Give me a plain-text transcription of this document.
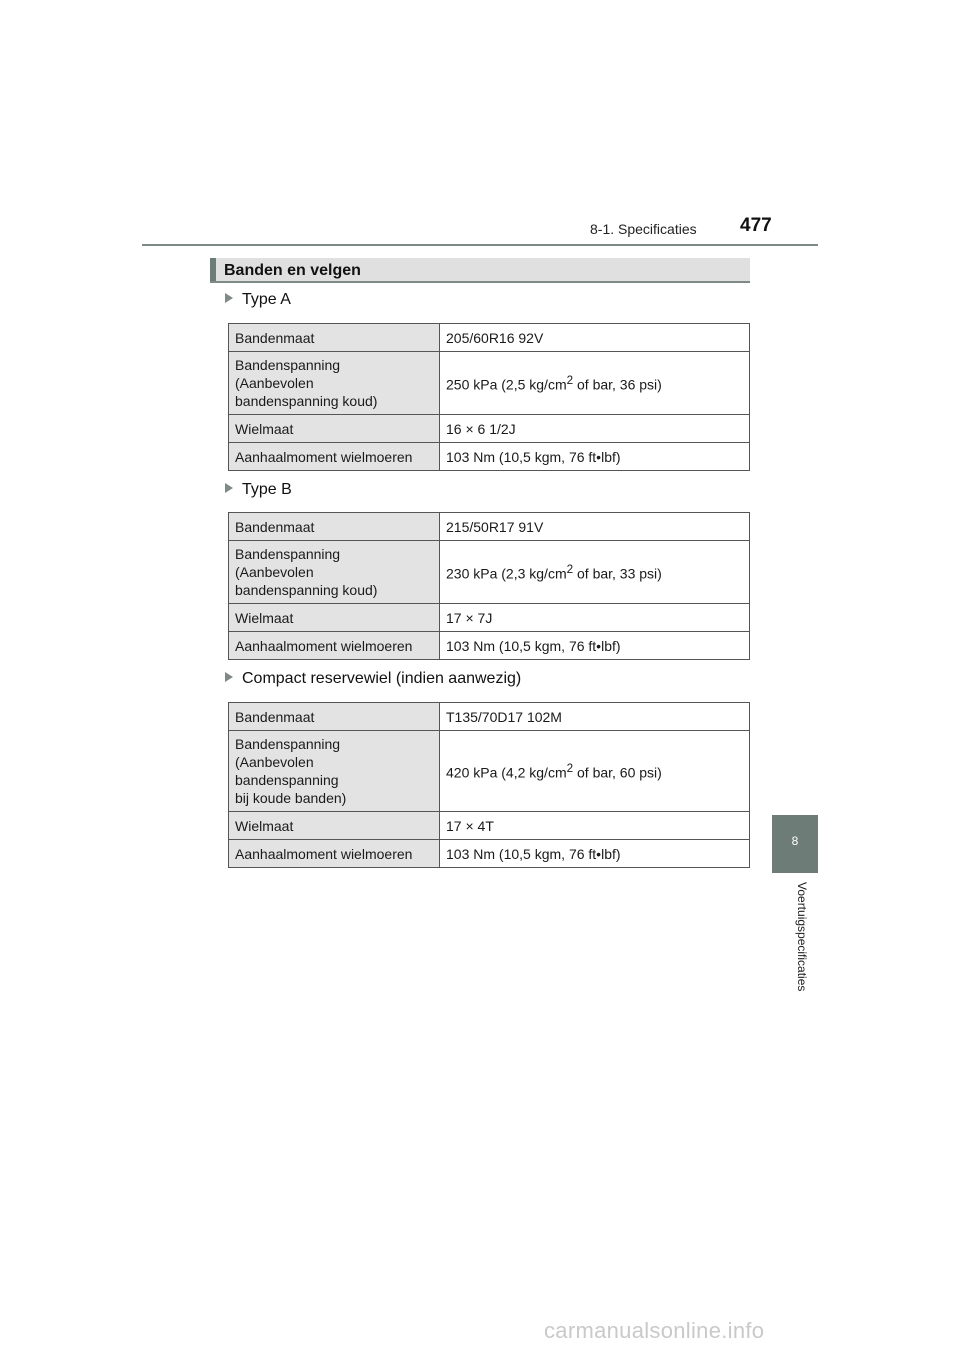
8-1. Specificaties 477
Banden en velgen
Type A
Bandenmaat	205/60R16 92V

Bandenspanning
(Aanbevolen
bandenspanning koud)	250 kPa (2,5 $kg/cm^2$ of bar, 36 psi)
Wielmaat	16 × 6 1/2J
Aanhaalmoment wielmoeren	103 Nm (10,5 kgm, 76 ft•lbf)
Type B
Bandenmaat	215/50R17 91V

Bandenspanning
(Aanbevolen
bandenspanning koud)	230 kPa (2,3 $kg/cm^2$ of bar, 33 psi)
Wielmaat	17 × 7J
Aanhaalmoment wielmoeren	103 Nm (10,5 kgm, 76 ft•lbf)
Compact reservewiel (indien aanwezig)
Bandenmaat	T135/70D17 102M

Bandenspanning
(Aanbevolen
bandenspanning
bij koude banden)	420 kPa (4,2 $kg/cm^2$ of bar, 60 psi)
Wielmaat	17 × 4T
Aanhaalmoment wielmoeren	103 Nm (10,5 kgm, 76 ft•lbf)
8
Voertuigspecificaties
carmanualsonline.info
